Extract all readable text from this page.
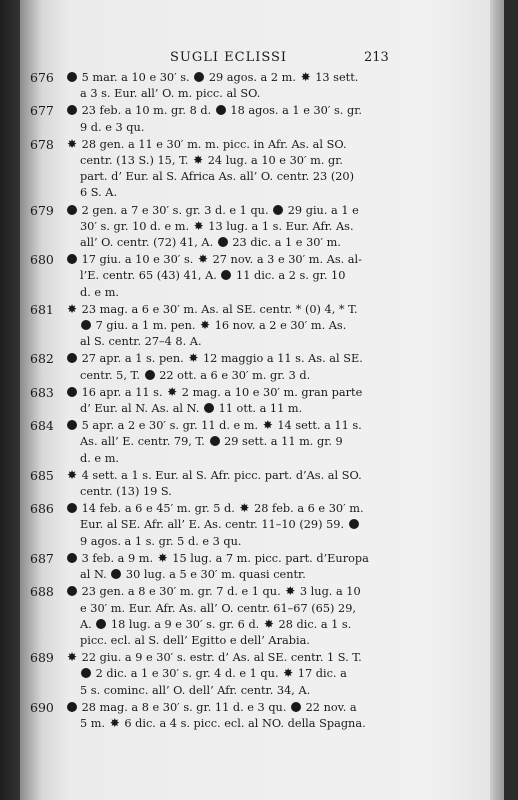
SUGLI ECLISSI	213
676	5 mar. a 10 e 30′ s.  29 agos. a 2 m. ✸ 13 sett.
a 3 s. Eur. all’ O. m. picc. al SO.
677	23 feb. a 10 m. gr. 8 d.  18 agos. a 1 e 30′ s. gr.
9 d. e 3 qu.
678 ✸ 28 gen. a 11 e 30′ m. m. picc. in Afr. As. al SO.
centr. (13 S.) 15, T. ✸ 24 lug. a 10 e 30′ m. gr.
part. d’ Eur. al S. Africa As. all’ O. centr. 23 (20)
6 S. A.
679	2 gen. a 7 e 30′ s. gr. 3 d. e 1 qu.  29 giu. a 1 e
30′ s. gr. 10 d. e m. ✸ 13 lug. a 1 s. Eur. Afr. As.
all’ O. centr. (72) 41, A.  23 dic. a 1 e 30′ m.
680	17 giu. a 10 e 30′ s. ✸ 27 nov. a 3 e 30′ m. As. al-
l’E. centr. 65 (43) 41, A.  11 dic. a 2 s. gr. 10
d. e m.
681 ✸ 23 mag. a 6 e 30′ m. As. al SE. centr. * (0) 4, * T.
7 giu. a 1 m. pen. ✸ 16 nov. a 2 e 30′ m. As.
al S. centr. 27–4 8. A.
682	27 apr. a 1 s. pen. ✸ 12 maggio a 11 s. As. al SE.
centr. 5, T.  22 ott. a 6 e 30′ m. gr. 3 d.
683	16 apr. a 11 s. ✸ 2 mag. a 10 e 30′ m. gran parte
d’ Eur. al N. As. al N.  11 ott. a 11 m.
684	5 apr. a 2 e 30′ s. gr. 11 d. e m. ✸ 14 sett. a 11 s.
As. all’ E. centr. 79, T.  29 sett. a 11 m. gr. 9
d. e m.
685 ✸ 4 sett. a 1 s. Eur. al S. Afr. picc. part. d’As. al SO.
centr. (13) 19 S.
686	14 feb. a 6 e 45′ m. gr. 5 d. ✸ 28 feb. a 6 e 30′ m.
Eur. al SE. Afr. all’ E. As. centr. 11–10 (29) 59.
9 agos. a 1 s. gr. 5 d. e 3 qu.
687	3 feb. a 9 m. ✸ 15 lug. a 7 m. picc. part. d’Europa
al N.  30 lug. a 5 e 30′ m. quasi centr.
688	23 gen. a 8 e 30′ m. gr. 7 d. e 1 qu. ✸ 3 lug. a 10
e 30′ m. Eur. Afr. As. all’ O. centr. 61–67 (65) 29,
A.  18 lug. a 9 e 30′ s. gr. 6 d. ✸ 28 dic. a 1 s.
picc. ecl. al S. dell’ Egitto e dell’ Arabia.
689 ✸ 22 giu. a 9 e 30′ s. estr. d’ As. al SE. centr. 1 S. T.
2 dic. a 1 e 30′ s. gr. 4 d. e 1 qu. ✸ 17 dic. a
5 s. cominc. all’ O. dell’ Afr. centr. 34, A.
690	28 mag. a 8 e 30′ s. gr. 11 d. e 3 qu.  22 nov. a
5 m. ✸ 6 dic. a 4 s. picc. ecl. al NO. della Spagna.
